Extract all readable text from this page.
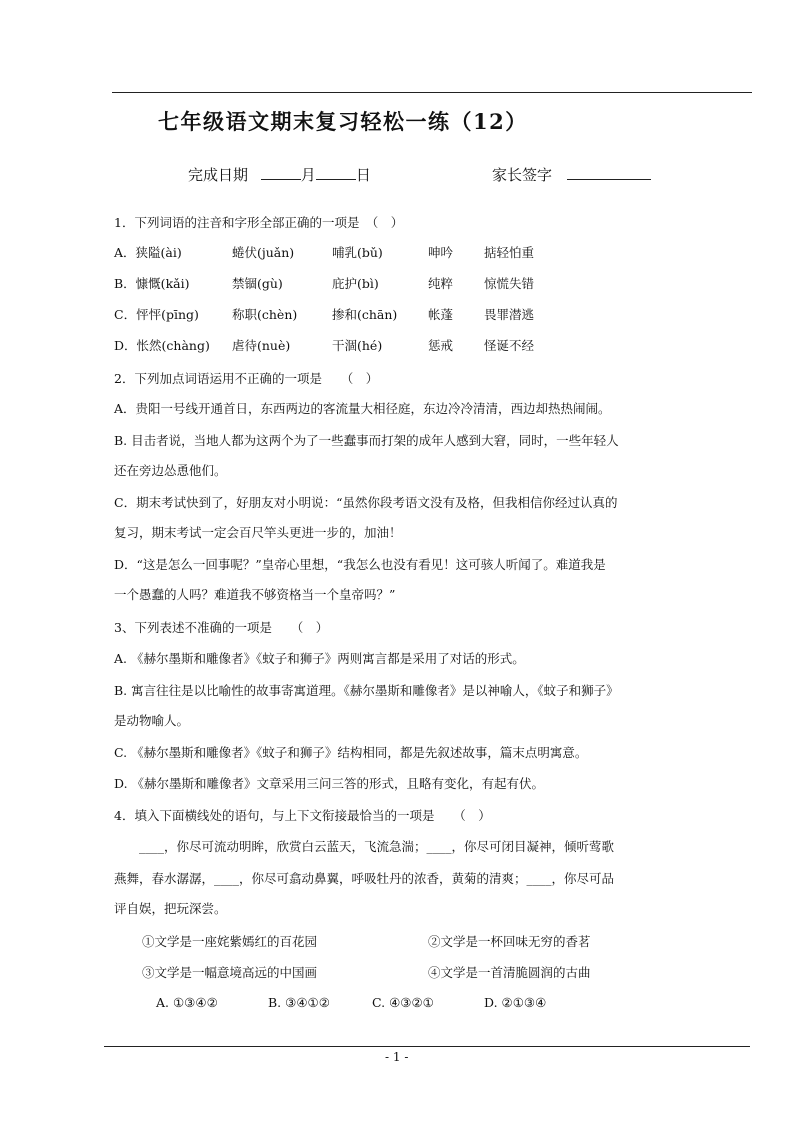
七年级语文期末复习轻松一练（12）
完成日期	月	日	家长签字
1．下列词语的注音和字形全部正确的一项是　（　）
A．狭隘(ài)	蜷伏(juǎn)	哺乳(bǔ)	呻吟 掂轻怕重
B．慷慨(kǎi)	禁锢(gù)	庇护(bì)	纯粹 惊慌失错
C．怦怦(pīng)	称职(chèn)	掺和(chān) 帐蓬 畏罪潜逃
D．怅然(chàng) 虐待(nuè)	干涸(hé)	惩戒 怪诞不经
2．下列加点词语运用不正确的一项是　　（　）
A．贵阳一号线开通首日，东西两边的客流量大相径庭，东边冷冷清清，西边却热热闹闹。
B. 目击者说，当地人都为这两个为了一些蠢事而打架的成年人感到大窘，同时，一些年轻人
还在旁边怂恿他们。
C．期末考试快到了，好朋友对小明说：“虽然你段考语文没有及格，但我相信你经过认真的
复习，期末考试一定会百尺竿头更进一步的，加油！
D．“这是怎么一回事呢？”皇帝心里想，“我怎么也没有看见！这可骇人听闻了。难道我是
一个愚蠢的人吗？难道我不够资格当一个皇帝吗？”
3、下列表述不准确的一项是　　（　）
A. 《赫尔墨斯和雕像者》《蚊子和狮子》两则寓言都是采用了对话的形式。
B. 寓言往往是以比喻性的故事寄寓道理。《赫尔墨斯和雕像者》是以神喻人，《蚊子和狮子》
是动物喻人。
C. 《赫尔墨斯和雕像者》《蚊子和狮子》结构相同，都是先叙述故事，篇末点明寓意。
D. 《赫尔墨斯和雕像者》文章采用三问三答的形式，且略有变化，有起有伏。
4．填入下面横线处的语句，与上下文衔接最恰当的一项是　　（　）
　　____，你尽可流动明眸，欣赏白云蓝天，飞流急湍；____，你尽可闭目凝神，倾听莺歌
燕舞，春水潺潺，____，你尽可翕动鼻翼，呼吸牡丹的浓香，黄菊的清爽；____，你尽可品
评自娱，把玩深尝。
①文学是一座姹紫嫣红的百花园	②文学是一杯回味无穷的香茗
③文学是一幅意境高远的中国画	④文学是一首清脆圆润的古曲
A. ①③④②	B. ③④①②	C. ④③②①	D. ②①③④
- 1 -
